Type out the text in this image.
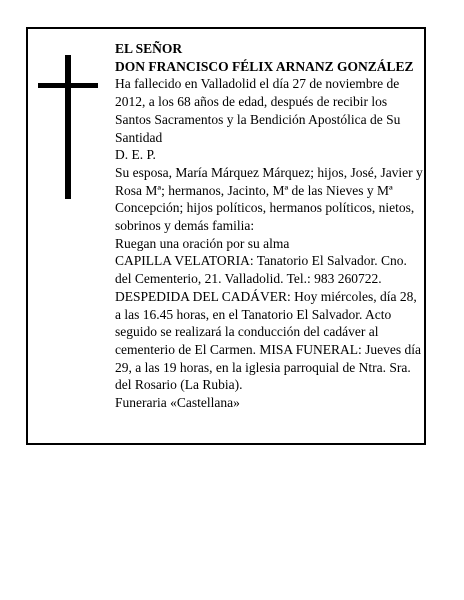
EL SEÑOR

DON FRANCISCO FÉLIX ARNANZ GONZÁLEZ

Ha fallecido en Valladolid el día 27 de noviembre de 2012, a los 68 años de edad, después de recibir los Santos Sacramentos y la Bendición Apostólica de Su Santidad

D. E. P.

Su esposa, María Márquez Márquez; hijos, José, Javier y Rosa Mª; hermanos, Jacinto, Mª de las Nieves y Mª Concepción; hijos políticos, hermanos políticos, nietos, sobrinos y demás familia:

Ruegan una oración por su alma

CAPILLA VELATORIA: Tanatorio El Salvador. Cno. del Cementerio, 21. Valladolid. Tel.: 983 260722.

DESPEDIDA DEL CADÁVER: Hoy miércoles, día 28, a las 16.45 horas, en el Tanatorio El Salvador. Acto seguido se realizará la conducción del cadáver al cementerio de El Carmen. MISA FUNERAL: Jueves día 29, a las 19 horas, en la iglesia parroquial de Ntra. Sra. del Rosario (La Rubia).

Funeraria «Castellana»
